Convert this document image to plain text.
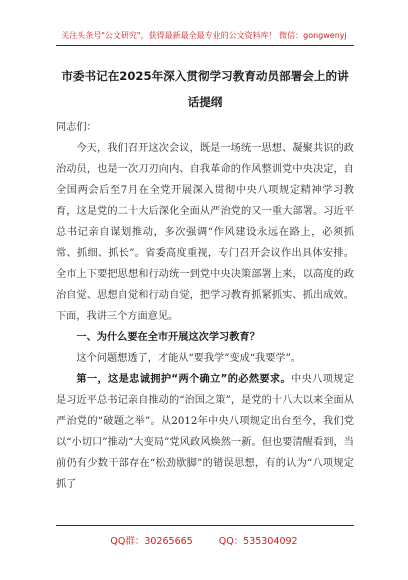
关注头条号"公文研究"，获得最新最全最专业的公文资料库！ 微信：gongwenyj
市委书记在2025年深入贯彻学习教育动员部署会上的讲话提纲

同志们：

今天，我们召开这次会议，既是一场统一思想、凝聚共识的政治动员，也是一次刀刃向内、自我革命的作风整训党中央决定，自全国两会后至7月在全党开展深入贯彻中央八项规定精神学习教育，这是党的二十大后深化全面从严治党的又一重大部署。习近平总书记亲自谋划推动，多次强调“作风建设永远在路上，必须抓常、抓细、抓长”。省委高度重视，专门召开会议作出具体安排。全市上下要把思想和行动统一到党中央决策部署上来，以高度的政治自觉、思想自觉和行动自觉，把学习教育抓紧抓实、抓出成效。下面，我讲三个方面意见。

一、为什么要在全市开展这次学习教育？

这个问题想透了，才能从“要我学”变成“我要学”。

第一，这是忠诚拥护“两个确立”的必然要求。中央八项规定是习近平总书记亲自推动的“治国之策”，是党的十八大以来全面从严治党的“破题之举”。从2012年中央八项规定出台至今，我们党以“小切口”推动“大变局”党风政风焕然一新。但也要清醒看到，当前仍有少数干部存在“松劲歇脚”的错误思想，有的认为“八项规定抓了

QQ群：30265665	QQ：535304092
